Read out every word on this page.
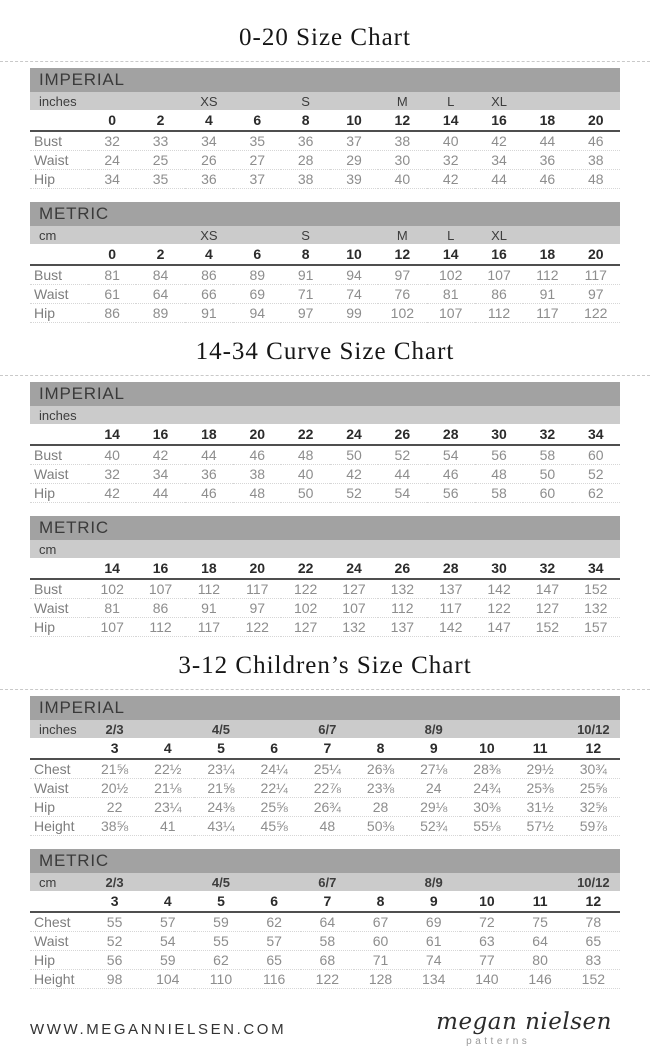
0-20 Size Chart
IMPERIAL											
inches			XS		S		M	L	XL		
	0	2	4	6	8	10	12	14	16	18	20
Bust	32	33	34	35	36	37	38	40	42	44	46
Waist	24	25	26	27	28	29	30	32	34	36	38
Hip	34	35	36	37	38	39	40	42	44	46	48
METRIC											
cm			XS		S		M	L	XL		
	0	2	4	6	8	10	12	14	16	18	20
Bust	81	84	86	89	91	94	97	102	107	112	117
Waist	61	64	66	69	71	74	76	81	86	91	97
Hip	86	89	91	94	97	99	102	107	112	117	122
14-34 Curve Size Chart
IMPERIAL											
inches											
	14	16	18	20	22	24	26	28	30	32	34
Bust	40	42	44	46	48	50	52	54	56	58	60
Waist	32	34	36	38	40	42	44	46	48	50	52
Hip	42	44	46	48	50	52	54	56	58	60	62
METRIC											
cm											
	14	16	18	20	22	24	26	28	30	32	34
Bust	102	107	112	117	122	127	132	137	142	147	152
Waist	81	86	91	97	102	107	112	117	122	127	132
Hip	107	112	117	122	127	132	137	142	147	152	157
3-12 Children’s Size Chart
IMPERIAL										
inches	2/3		4/5		6/7		8/9			10/12
	3	4	5	6	7	8	9	10	11	12
Chest	21⅝	22½	23¼	24¼	25¼	26⅜	27⅛	28⅜	29½	30¾
Waist	20½	21⅛	21⅝	22¼	22⅞	23⅜	24	24¾	25⅜	25⅝
Hip	22	23¼	24⅜	25⅝	26¾	28	29⅛	30⅜	31½	32⅝
Height	38⅝	41	43¼	45⅝	48	50⅜	52¾	55⅛	57½	59⅞
METRIC										
cm	2/3		4/5		6/7		8/9			10/12
	3	4	5	6	7	8	9	10	11	12
Chest	55	57	59	62	64	67	69	72	75	78
Waist	52	54	55	57	58	60	61	63	64	65
Hip	56	59	62	65	68	71	74	77	80	83
Height	98	104	110	116	122	128	134	140	146	152
WWW.MEGANNIELSEN.COM	megan nielsen
patterns
